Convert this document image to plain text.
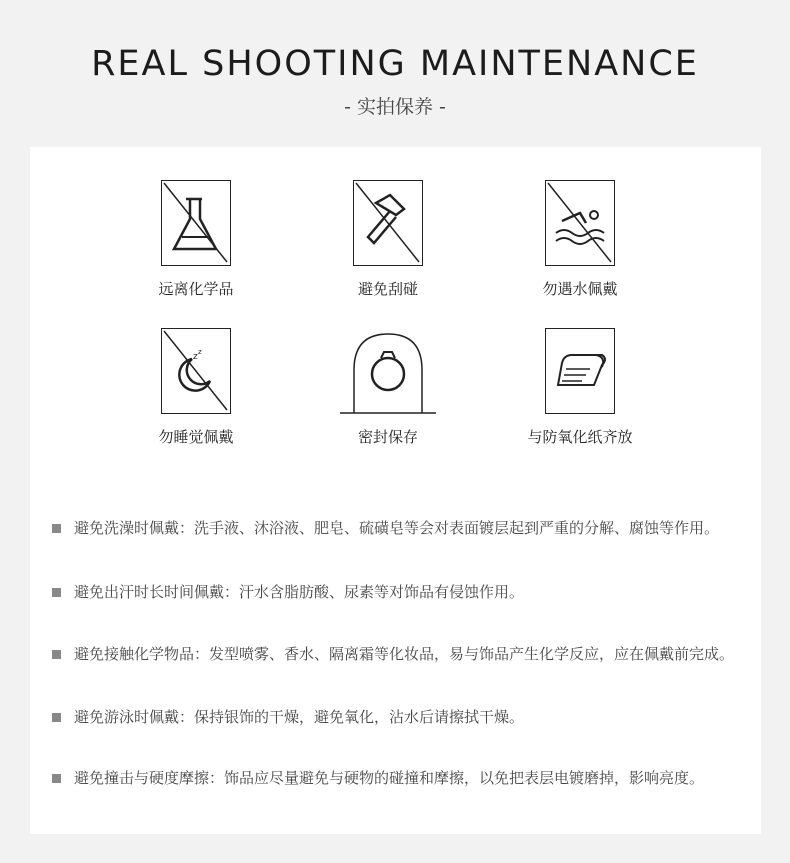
REAL SHOOTING MAINTENANCE
- 实拍保养 -
远离化学品	避免刮碰	勿遇水佩戴
z z
勿睡觉佩戴	密封保存	与防氧化纸齐放
避免洗澡时佩戴：洗手液、沐浴液、肥皂、硫磺皂等会对表面镀层起到严重的分解、腐蚀等作用。
避免出汗时长时间佩戴：汗水含脂肪酸、尿素等对饰品有侵蚀作用。
避免接触化学物品：发型喷雾、香水、隔离霜等化妆品，易与饰品产生化学反应，应在佩戴前完成。
避免游泳时佩戴：保持银饰的干燥，避免氧化，沾水后请擦拭干燥。
避免撞击与硬度摩擦：饰品应尽量避免与硬物的碰撞和摩擦，以免把表层电镀磨掉，影响亮度。
